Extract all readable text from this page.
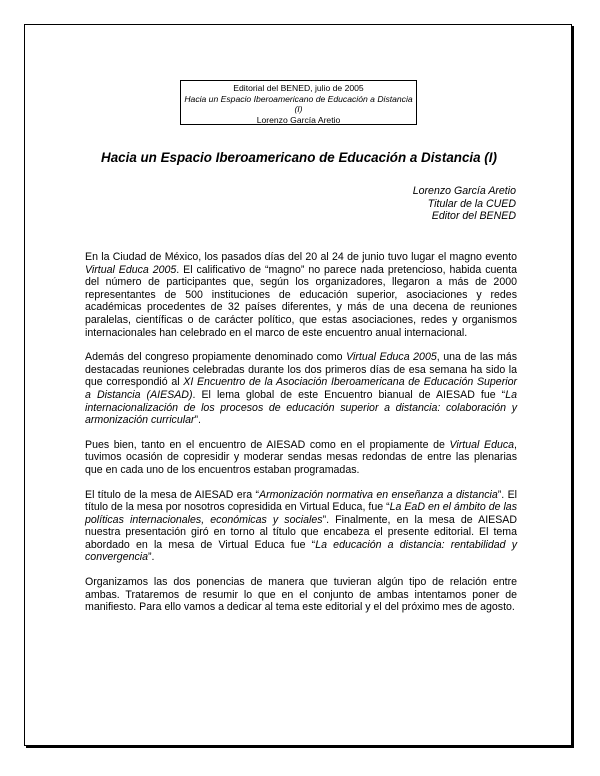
Editorial del BENED, julio de 2005
Hacia un Espacio Iberoamericano de Educación a Distancia (I)
Lorenzo García Aretio
Hacia un Espacio Iberoamericano de Educación a Distancia (I)
Lorenzo García Aretio
Titular de la CUED
Editor del BENED

En la Ciudad de México, los pasados días del 20 al 24 de junio tuvo lugar el magno evento Virtual Educa 2005. El calificativo de “magno” no parece nada pretencioso, habida cuenta del número de participantes que, según los organizadores, llegaron a más de 2000 representantes de 500 instituciones de educación superior, asociaciones y redes académicas procedentes de 32 países diferentes, y más de una decena de reuniones paralelas, científicas o de carácter político, que estas asociaciones, redes y organismos internacionales han celebrado en el marco de este encuentro anual internacional.

Además del congreso propiamente denominado como Virtual Educa 2005, una de las más destacadas reuniones celebradas durante los dos primeros días de esa semana ha sido la que correspondió al XI Encuentro de la Asociación Iberoamericana de Educación Superior a Distancia (AIESAD). El lema global de este Encuentro bianual de AIESAD fue “La internacionalización de los procesos de educación superior a distancia: colaboración y armonización curricular”.

Pues bien, tanto en el encuentro de AIESAD como en el propiamente de Virtual Educa, tuvimos ocasión de copresidir y moderar sendas mesas redondas de entre las plenarias que en cada uno de los encuentros estaban programadas.

El título de la mesa de AIESAD era “Armonización normativa en enseñanza a distancia”. El título de la mesa por nosotros copresidida en Virtual Educa, fue “La EaD en el ámbito de las políticas internacionales, económicas y sociales”. Finalmente, en la mesa de AIESAD nuestra presentación giró en torno al título que encabeza el presente editorial. El tema abordado en la mesa de Virtual Educa fue “La educación a distancia: rentabilidad y convergencia”.

Organizamos las dos ponencias de manera que tuvieran algún tipo de relación entre ambas. Trataremos de resumir lo que en el conjunto de ambas intentamos poner de manifiesto. Para ello vamos a dedicar al tema este editorial y el del próximo mes de agosto.
